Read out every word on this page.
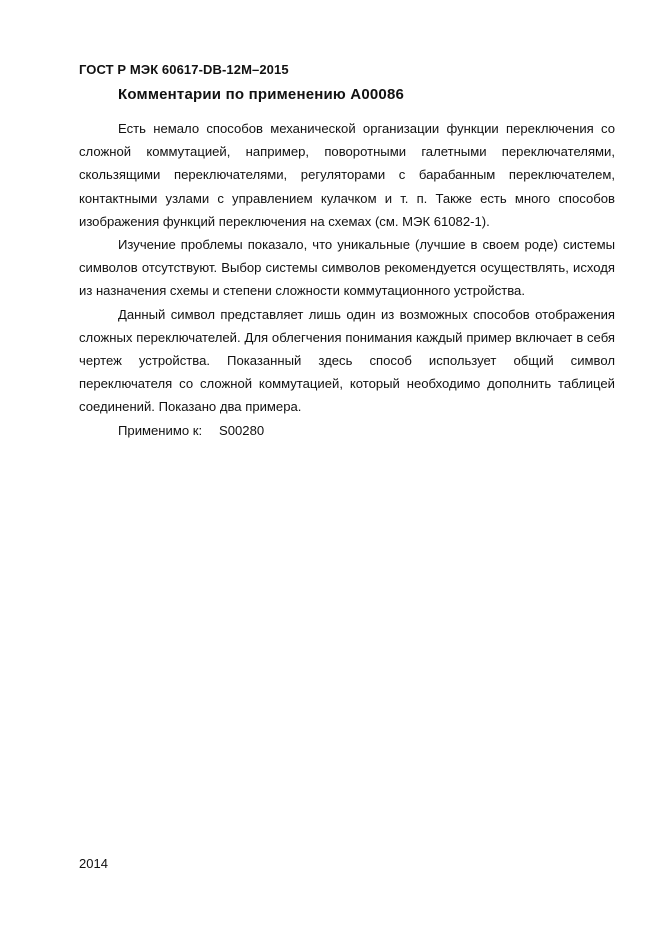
ГОСТ Р МЭК 60617-DB-12M–2015
Комментарии по применению A00086

Есть немало способов механической организации функции переключения со сложной коммутацией, например, поворотными галетными переключателями, скользящими переключателями, регуляторами с барабанным переключателем, контактными узлами с управлением кулачком и т. п. Также есть много способов изображения функций переключения на схемах (см. МЭК 61082-1).

Изучение проблемы показало, что уникальные (лучшие в своем роде) системы символов отсутствуют. Выбор системы символов рекомендуется осуществлять, исходя из назначения схемы и степени сложности коммутационного устройства.

Данный символ представляет лишь один из возможных способов отображения сложных переключателей. Для облегчения понимания каждый пример включает в себя чертеж устройства. Показанный здесь способ использует общий символ переключателя со сложной коммутацией, который необходимо дополнить таблицей соединений. Показано два примера.

Применимо к: S00280

2014
